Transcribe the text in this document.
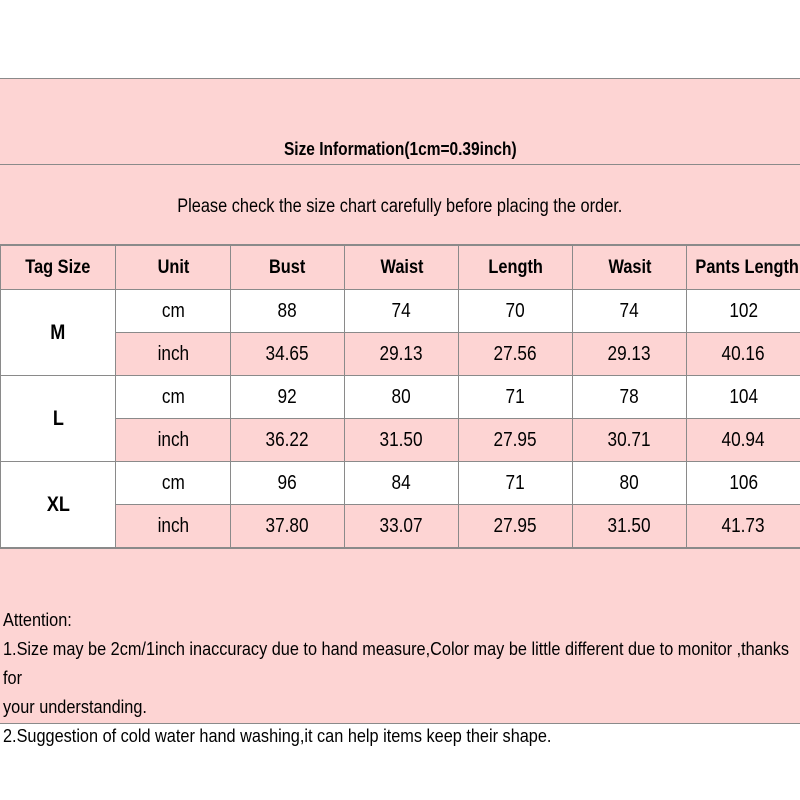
Size Information(1cm=0.39inch)
Please check the size chart carefully before placing the order.
Tag Size	Unit	Bust	Waist	Length	Wasit	Pants Length
M	cm	88	74	70	74	102
	inch	34.65	29.13	27.56	29.13	40.16
L	cm	92	80	71	78	104
	inch	36.22	31.50	27.95	30.71	40.94
XL	cm	96	84	71	80	106
	inch	37.80	33.07	27.95	31.50	41.73

Attention:

1.Size may be 2cm/1inch inaccuracy due to hand measure,Color may be little different due to monitor ,thanks for

your understanding.

2.Suggestion of cold water hand washing,it can help items keep their shape.
